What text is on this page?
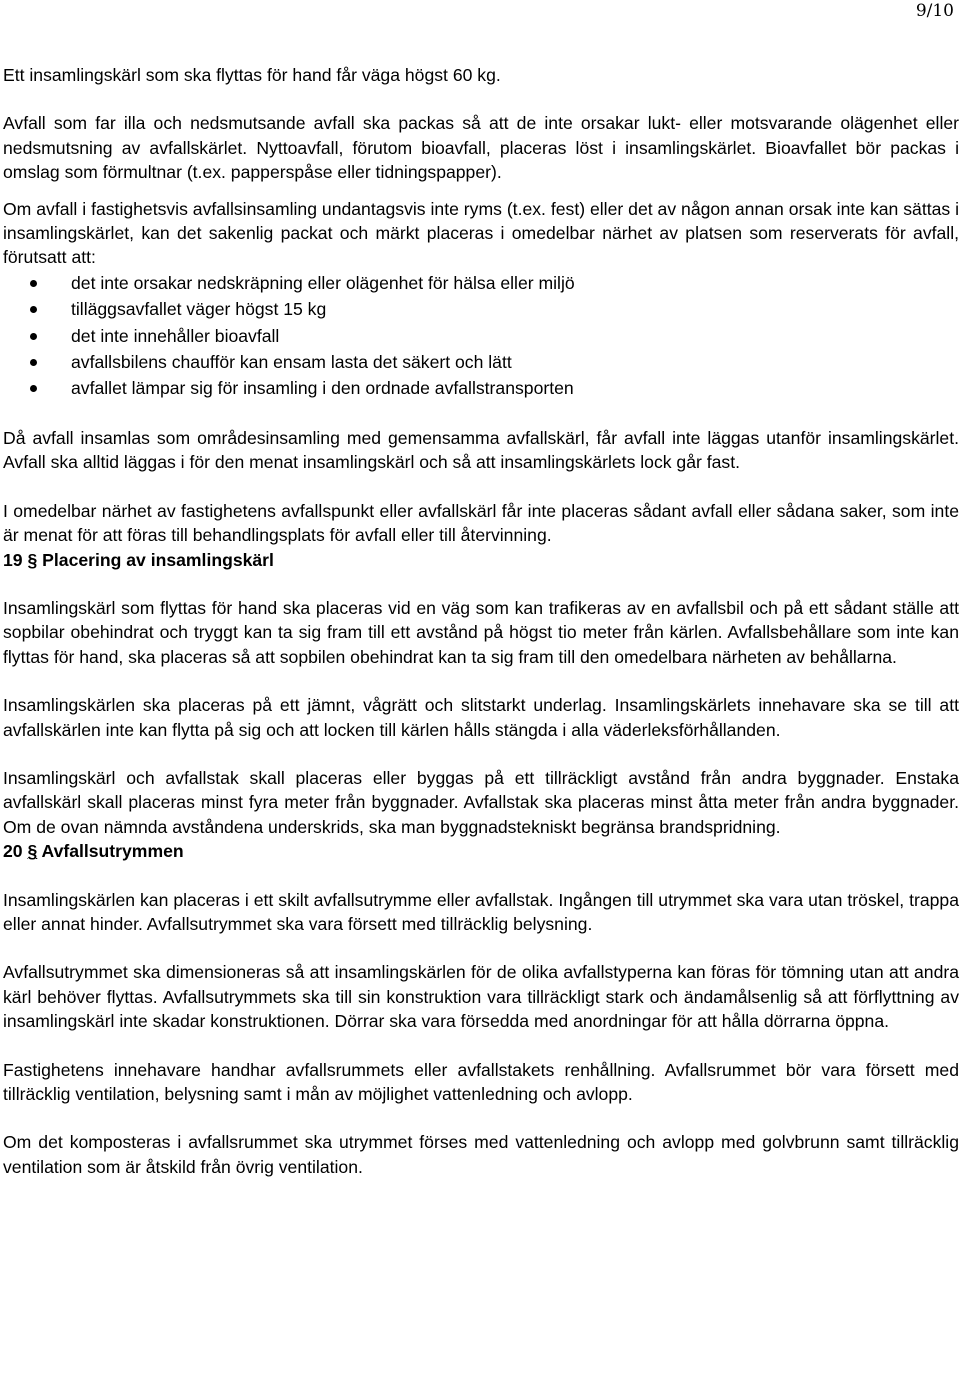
9/10

Ett insamlingskärl som ska flyttas för hand får väga högst 60 kg.

Avfall som far illa och nedsmutsande avfall ska packas så att de inte orsakar lukt- eller motsvarande olägenhet eller nedsmutsning av avfallskärlet. Nyttoavfall, förutom bioavfall, placeras löst i insamlingskärlet. Bioavfallet bör packas i omslag som förmultnar (t.ex. papperspåse eller tidningspapper).

Om avfall i fastighetsvis avfallsinsamling undantagsvis inte ryms (t.ex. fest) eller det av någon annan orsak inte kan sättas i insamlingskärlet, kan det sakenlig packat och märkt placeras i omedelbar närhet av platsen som reserverats för avfall, förutsatt att:

det inte orsakar nedskräpning eller olägenhet för hälsa eller miljö
tilläggsavfallet väger högst 15 kg
det inte innehåller bioavfall
avfallsbilens chaufför kan ensam lasta det säkert och lätt
avfallet lämpar sig för insamling i den ordnade avfallstransporten

Då avfall insamlas som områdesinsamling med gemensamma avfallskärl, får avfall inte läggas utanför insamlingskärlet. Avfall ska alltid läggas i för den menat insamlingskärl och så att insamlingskärlets lock går fast.

I omedelbar närhet av fastighetens avfallspunkt eller avfallskärl får inte placeras sådant avfall eller sådana saker, som inte är menat för att föras till behandlingsplats för avfall eller till återvinning.

19 § Placering av insamlingskärl

Insamlingskärl som flyttas för hand ska placeras vid en väg som kan trafikeras av en avfallsbil och på ett sådant ställe att sopbilar obehindrat och tryggt kan ta sig fram till ett avstånd på högst tio meter från kärlen. Avfallsbehållare som inte kan flyttas för hand, ska placeras så att sopbilen obehindrat kan ta sig fram till den omedelbara närheten av behållarna.

Insamlingskärlen ska placeras på ett jämnt, vågrätt och slitstarkt underlag. Insamlingskärlets innehavare ska se till att avfallskärlen inte kan flytta på sig och att locken till kärlen hålls stängda i alla väderleksförhållanden.

Insamlingskärl och avfallstak skall placeras eller byggas på ett tillräckligt avstånd från andra byggnader. Enstaka avfallskärl skall placeras minst fyra meter från byggnader. Avfallstak ska placeras minst åtta meter från andra byggnader. Om de ovan nämnda avståndena underskrids, ska man byggnadstekniskt begränsa brandspridning.

20 § Avfallsutrymmen

Insamlingskärlen kan placeras i ett skilt avfallsutrymme eller avfallstak. Ingången till utrymmet ska vara utan tröskel, trappa eller annat hinder. Avfallsutrymmet ska vara försett med tillräcklig belysning.

Avfallsutrymmet ska dimensioneras så att insamlingskärlen för de olika avfallstyperna kan föras för tömning utan att andra kärl behöver flyttas. Avfallsutrymmets ska till sin konstruktion vara tillräckligt stark och ändamålsenlig så att förflyttning av insamlingskärl inte skadar konstruktionen. Dörrar ska vara försedda med anordningar för att hålla dörrarna öppna.

Fastighetens innehavare handhar avfallsrummets eller avfallstakets renhållning. Avfallsrummet bör vara försett med tillräcklig ventilation, belysning samt i mån av möjlighet vattenledning och avlopp.

Om det komposteras i avfallsrummet ska utrymmet förses med vattenledning och avlopp med golvbrunn samt tillräcklig ventilation som är åtskild från övrig ventilation.
